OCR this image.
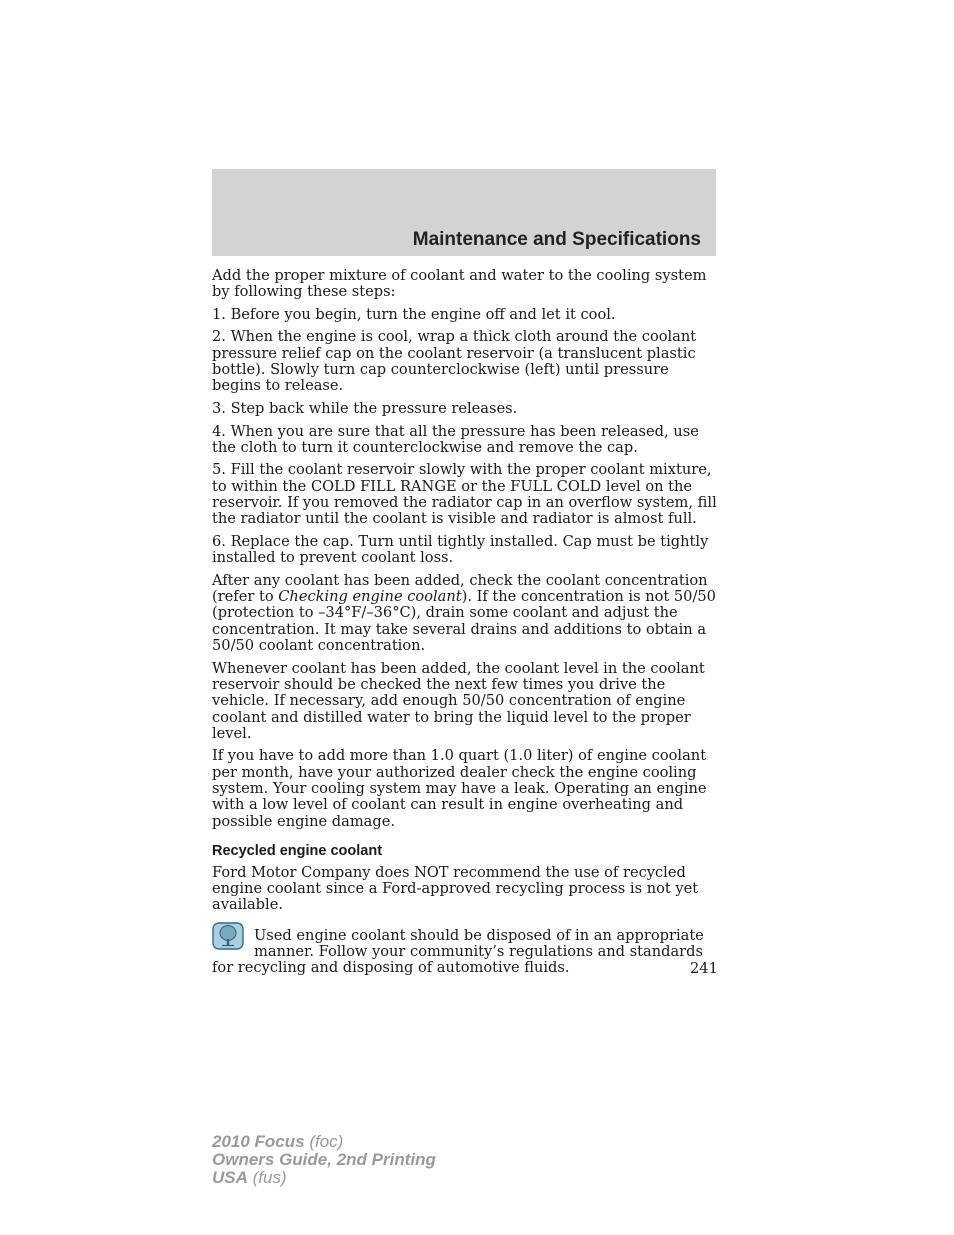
Maintenance and Specifications

Add the proper mixture of coolant and water to the cooling system by following these steps:

1. Before you begin, turn the engine off and let it cool.

2. When the engine is cool, wrap a thick cloth around the coolant pressure relief cap on the coolant reservoir (a translucent plastic bottle). Slowly turn cap counterclockwise (left) until pressure begins to release.

3. Step back while the pressure releases.

4. When you are sure that all the pressure has been released, use the cloth to turn it counterclockwise and remove the cap.

5. Fill the coolant reservoir slowly with the proper coolant mixture, to within the COLD FILL RANGE or the FULL COLD level on the reservoir. If you removed the radiator cap in an overflow system, fill the radiator until the coolant is visible and radiator is almost full.

6. Replace the cap. Turn until tightly installed. Cap must be tightly installed to prevent coolant loss.

After any coolant has been added, check the coolant concentration (refer to Checking engine coolant). If the concentration is not 50/50 (protection to –34°F/–36°C), drain some coolant and adjust the concentration. It may take several drains and additions to obtain a 50/50 coolant concentration.

Whenever coolant has been added, the coolant level in the coolant reservoir should be checked the next few times you drive the vehicle. If necessary, add enough 50/50 concentration of engine coolant and distilled water to bring the liquid level to the proper level.

If you have to add more than 1.0 quart (1.0 liter) of engine coolant per month, have your authorized dealer check the engine cooling system. Your cooling system may have a leak. Operating an engine with a low level of coolant can result in engine overheating and possible engine damage.

Recycled engine coolant

Ford Motor Company does NOT recommend the use of recycled engine coolant since a Ford-approved recycling process is not yet available.

Used engine coolant should be disposed of in an appropriate manner. Follow your community’s regulations and standards for recycling and disposing of automotive fluids.	241
2010 Focus (foc)
Owners Guide, 2nd Printing
USA (fus)
